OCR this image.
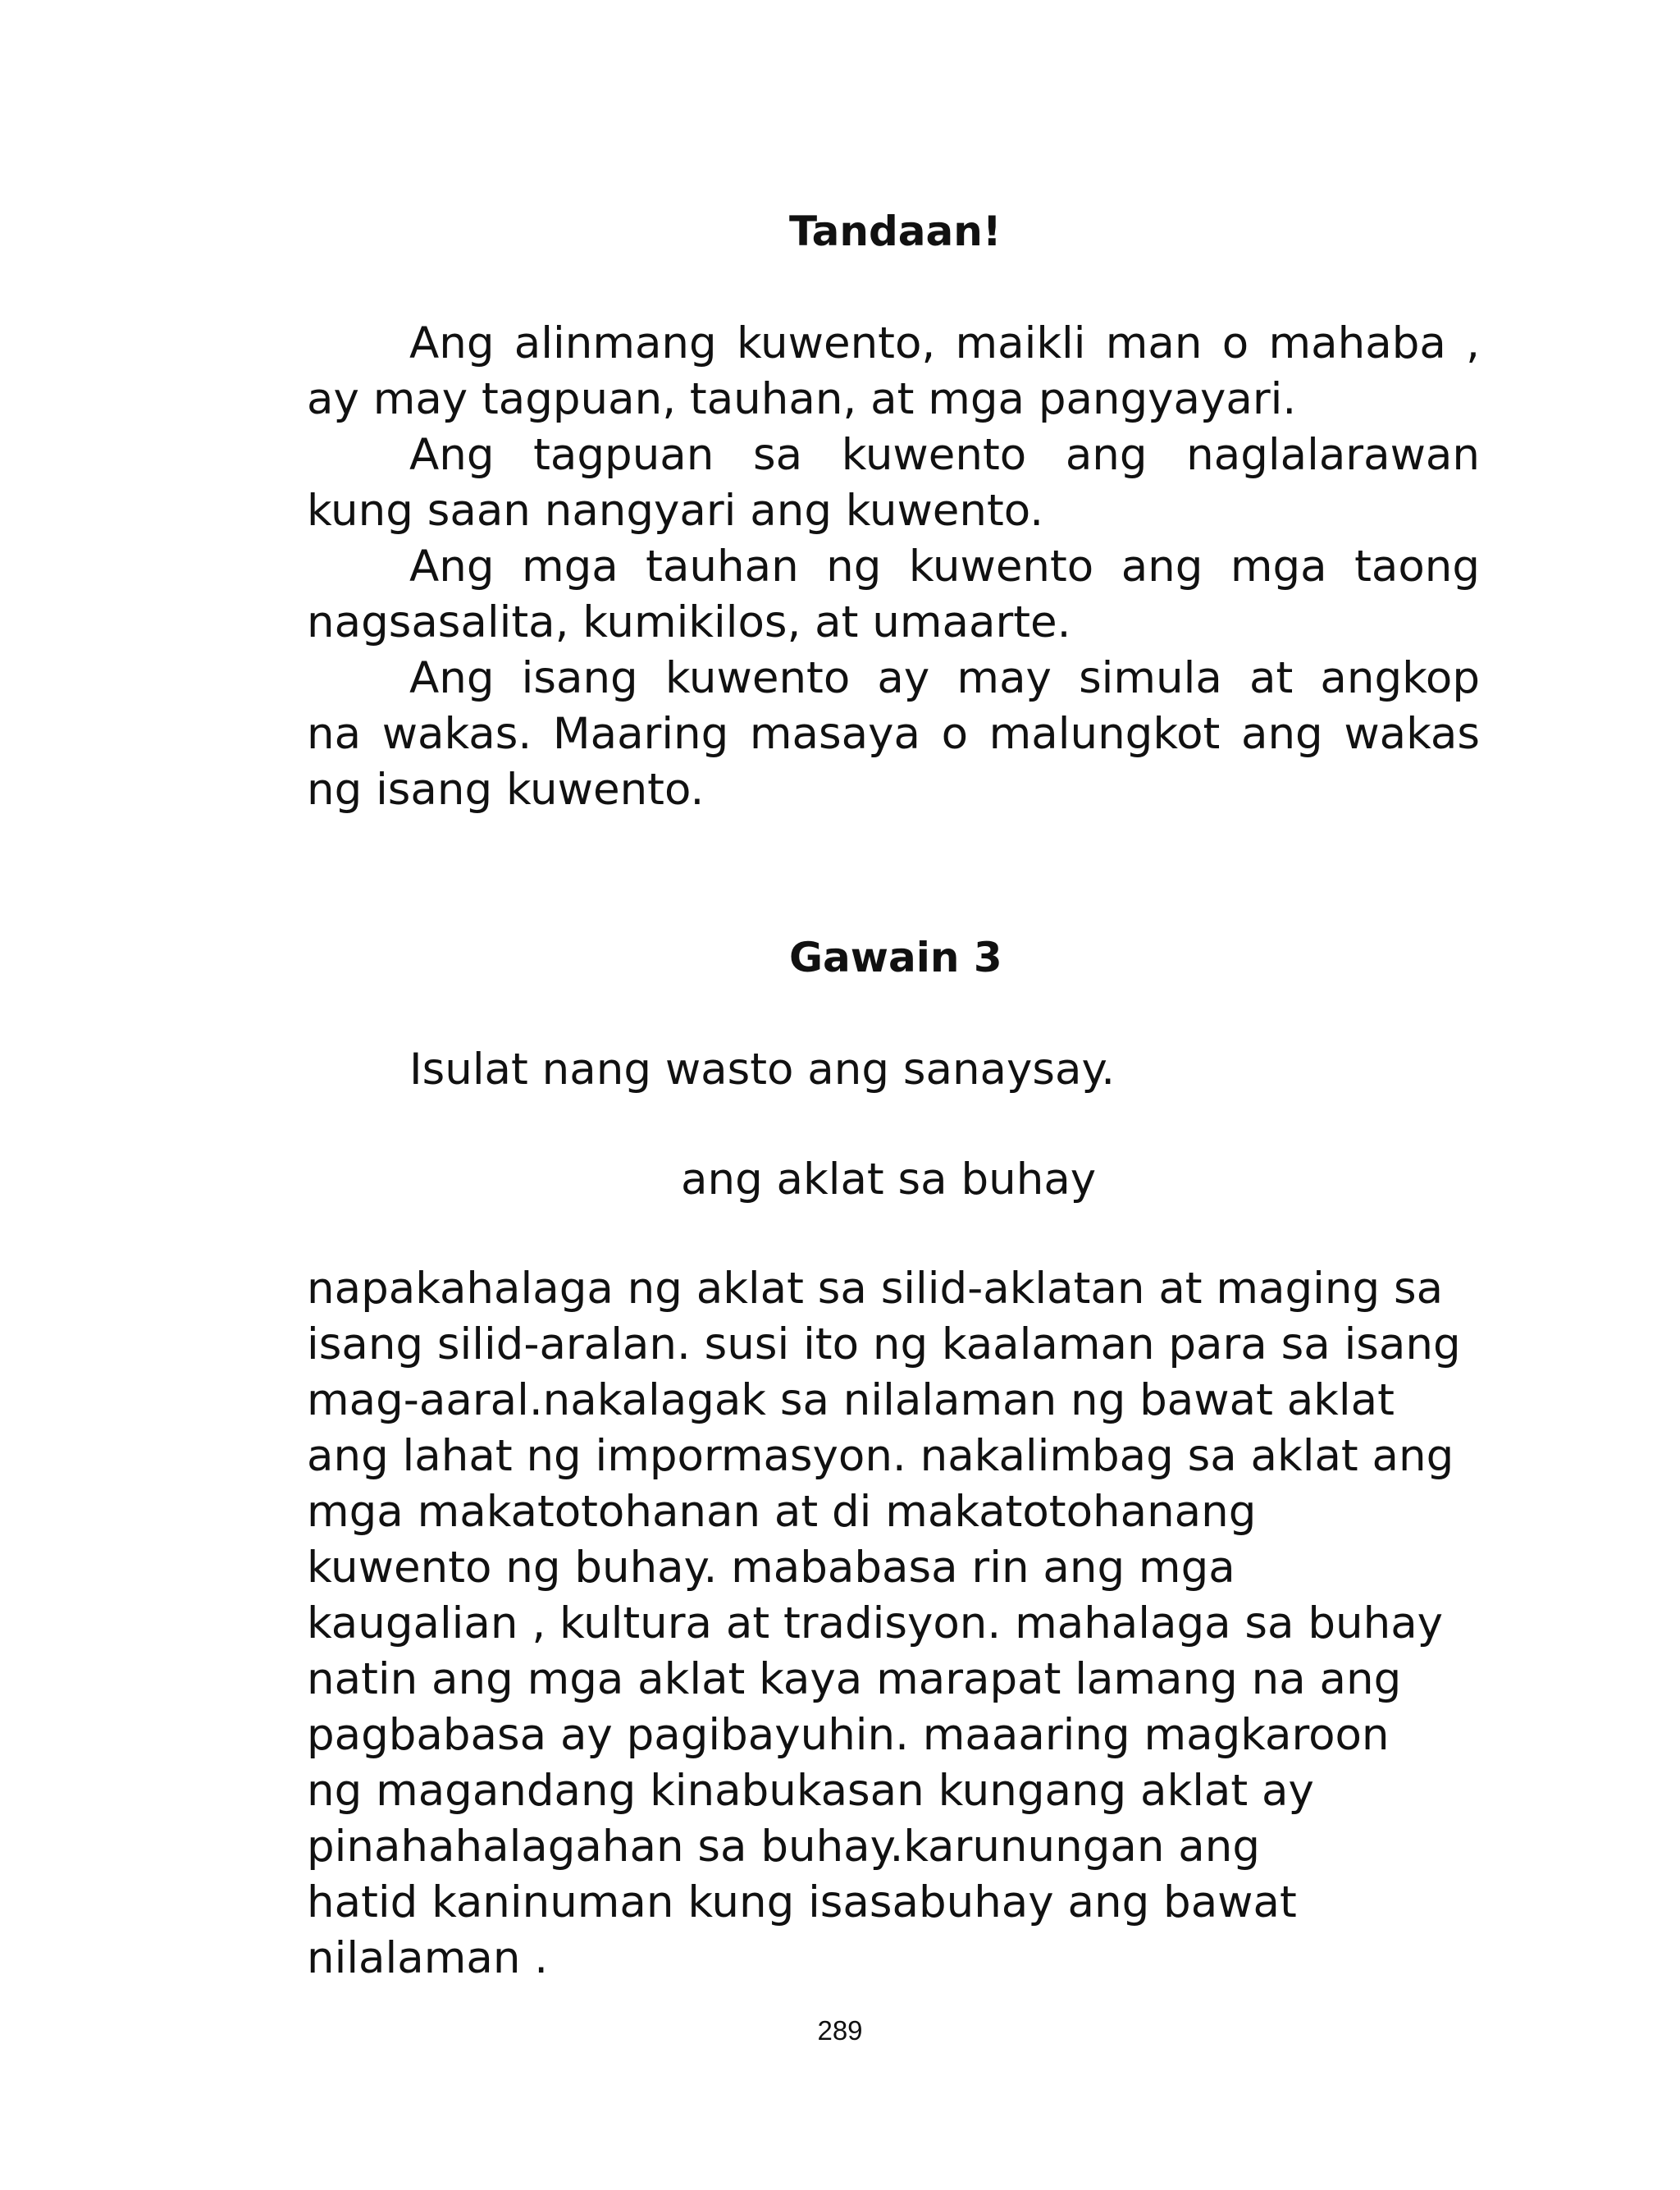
Tandaan!

Ang alinmang kuwento, maikli man o mahaba ,

ay may tagpuan, tauhan, at mga pangyayari.

Ang tagpuan sa kuwento ang naglalarawan

kung saan nangyari ang kuwento.

Ang mga tauhan ng kuwento ang mga taong

nagsasalita, kumikilos, at umaarte.

Ang isang kuwento ay may simula at angkop

na wakas. Maaring masaya o malungkot ang wakas

ng isang kuwento.

Gawain 3

Isulat nang wasto ang sanaysay.

ang aklat sa buhay

napakahalaga ng aklat sa silid-aklatan at maging sa

isang silid-aralan. susi ito ng kaalaman para sa isang

mag-aaral.nakalagak sa nilalaman ng bawat aklat

ang lahat ng impormasyon. nakalimbag sa aklat ang

mga makatotohanan at di makatotohanang

kuwento ng buhay. mababasa rin ang mga

kaugalian , kultura at tradisyon. mahalaga sa buhay

natin ang mga aklat kaya marapat lamang na ang

pagbabasa ay pagibayuhin. maaaring magkaroon

ng magandang kinabukasan kungang aklat ay

pinahahalagahan sa buhay.karunungan ang

hatid kaninuman kung isasabuhay ang bawat

nilalaman .

289
